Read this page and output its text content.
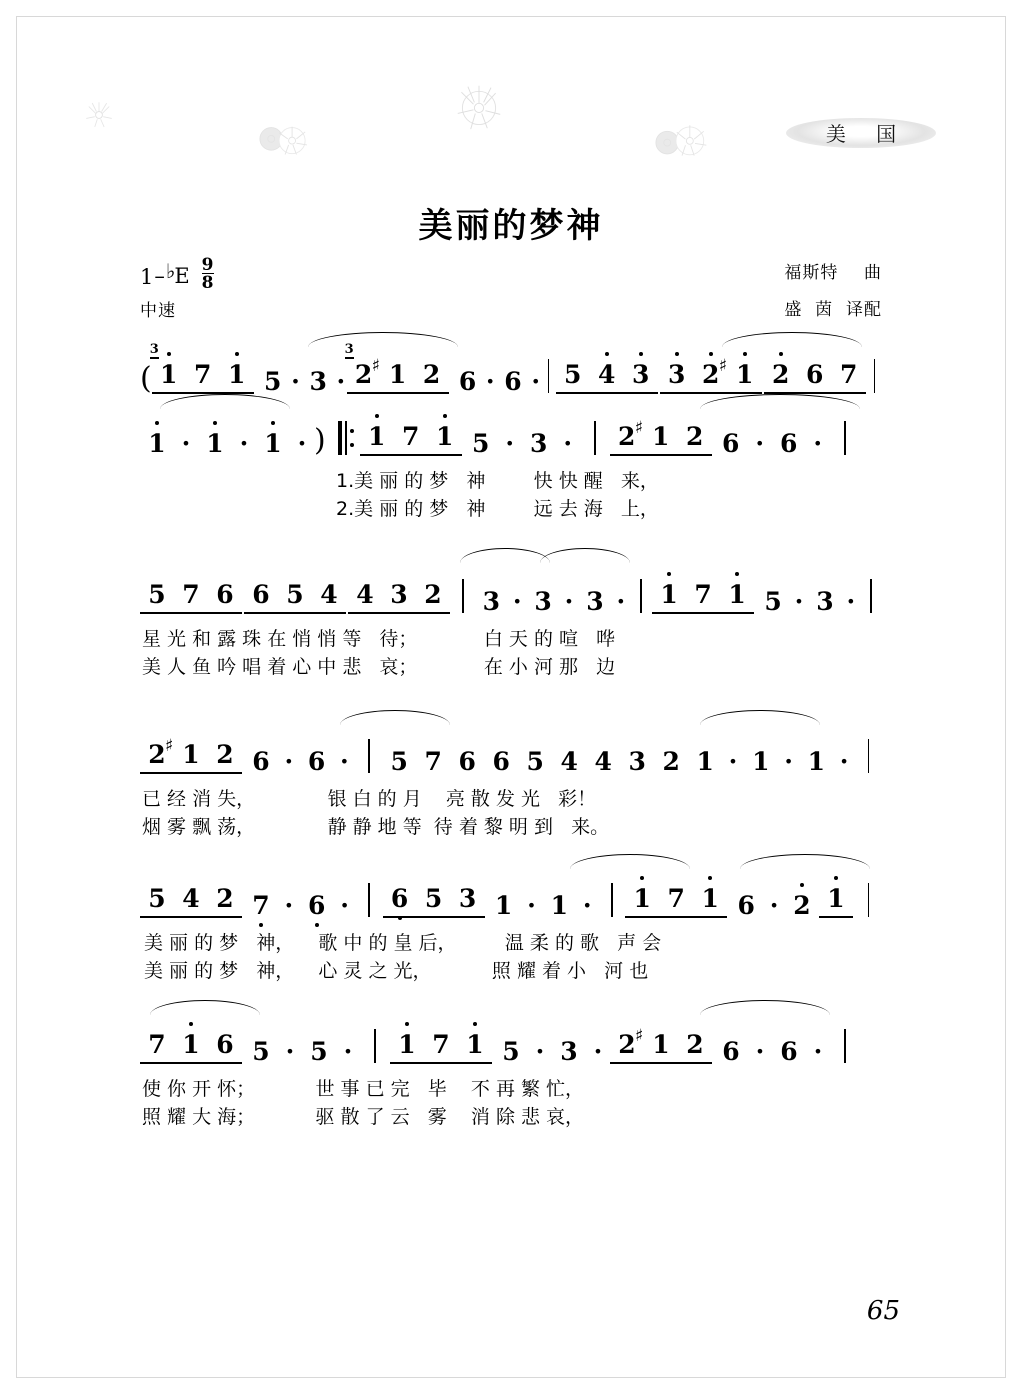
美 国
美丽的梦神
1 – ♭ E $\frac{9}{8}$
中速
福斯特    曲
盛  茵  译配
( 1 7 1
3
5 · 3 · 2 1
♯ 2
3
6 · 6 · 5 4 3 3 2 1
♯	2 6 7
1 · 1 · 1 · )	1 7 1 5 · 3 ·	2 1
♯ 2 6 · 6 ·
1.美 丽 的 梦   神        快 快 醒   来，
2.美 丽 的 梦   神        远 去 海   上，
5 7 6 6 5 4 4 3 2	3 · 3 · 3 ·	1 7 1 5 · 3 ·
星 光 和 露 珠 在 悄 悄 等   待；           白 天 的 喧   哗
美 人 鱼 吟 唱 着 心 中 悲   哀；           在 小 河 那   边
2 1
♯ 2 6 · 6 ·	5 7 6 6 5 4 4 3 2 1 · 1 · 1 ·
已 经 消 失，            银 白 的 月    亮 散 发 光   彩！
烟 雾 飘 荡，            静 静 地 等  待 着 黎 明 到   来。
5 4 2 7 · 6 ·	6 5 3 1 · 1 ·	1 7 1 6 · 2 1
美 丽 的 梦   神，    歌 中 的 皇 后，        温 柔 的 歌   声 会
美 丽 的 梦   神，    心 灵 之 光，          照 耀 着 小   河 也
7 1 6 5 · 5 ·	1 7 1 5 · 3 · 2 1
♯ 2 6 · 6 ·
使 你 开 怀；          世 事 已 完   毕    不 再 繁 忙，
照 耀 大 海；          驱 散 了 云   雾    消 除 悲 哀，
65
